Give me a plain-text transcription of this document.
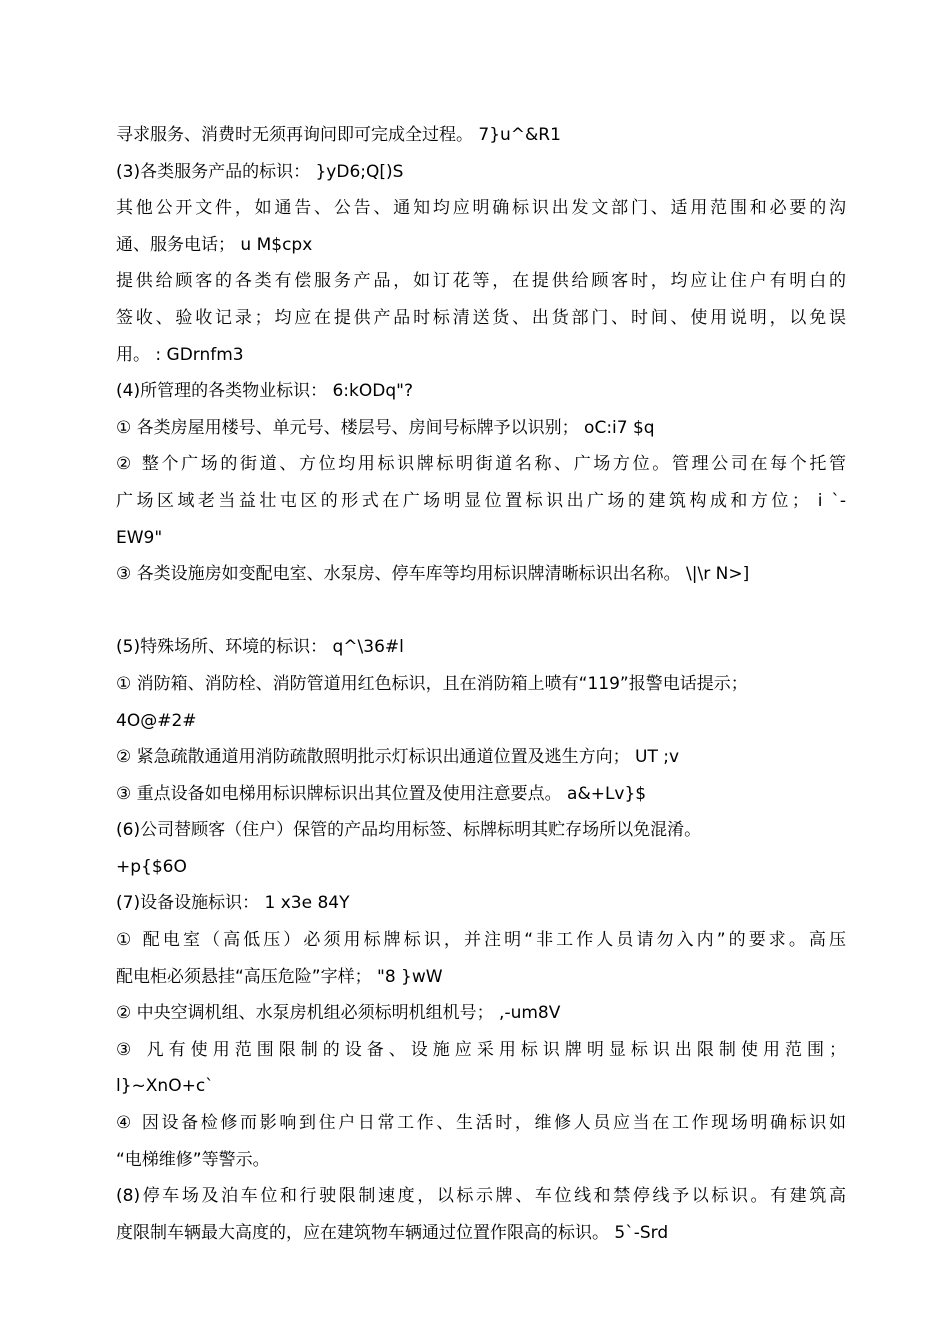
寻求服务、消费时无须再询问即可完成全过程。 7}u^&R1
(3)各类服务产品的标识： }yD6;Q[)S
其他公开文件，如通告、公告、通知均应明确标识出发文部门、适用范围和必要的沟
通、服务电话； u M$cpx
提供给顾客的各类有偿服务产品，如订花等，在提供给顾客时，均应让住户有明白的
签收、验收记录；均应在提供产品时标清送货、出货部门、时间、使用说明，以免误
用。 : GDrnfm3
(4)所管理的各类物业标识： 6:kODq"?
① 各类房屋用楼号、单元号、楼层号、房间号标牌予以识别； oC:i7 $q
② 整个广场的街道、方位均用标识牌标明街道名称、广场方位。管理公司在每个托管
广场区域老当益壮屯区的形式在广场明显位置标识出广场的建筑构成和方位； i `-
EW9"
③ 各类设施房如变配电室、水泵房、停车库等均用标识牌清晰标识出名称。 \|\r N>]
(5)特殊场所、环境的标识： q^\36#l
① 消防箱、消防栓、消防管道用红色标识，且在消防箱上喷有“119”报警电话提示；
4O@#2#
② 紧急疏散通道用消防疏散照明批示灯标识出通道位置及逃生方向； UT ;v
③ 重点设备如电梯用标识牌标识出其位置及使用注意要点。 a&+Lv}$
(6)公司替顾客（住户）保管的产品均用标签、标牌标明其贮存场所以免混淆。
+p{$6O
(7)设备设施标识： 1 x3e 84Y
① 配电室（高低压）必须用标牌标识，并注明“非工作人员请勿入内”的要求。高压
配电柜必须悬挂“高压危险”字样； "8 }wW
② 中央空调机组、水泵房机组必须标明机组机号； ,-um8V
③ 凡有使用范围限制的设备、设施应采用标识牌明显标识出限制使用范围；
l}~XnO+c`
④ 因设备检修而影响到住户日常工作、生活时，维修人员应当在工作现场明确标识如
“电梯维修”等警示。
(8)停车场及泊车位和行驶限制速度，以标示牌、车位线和禁停线予以标识。有建筑高
度限制车辆最大高度的，应在建筑物车辆通过位置作限高的标识。 5`-Srd
